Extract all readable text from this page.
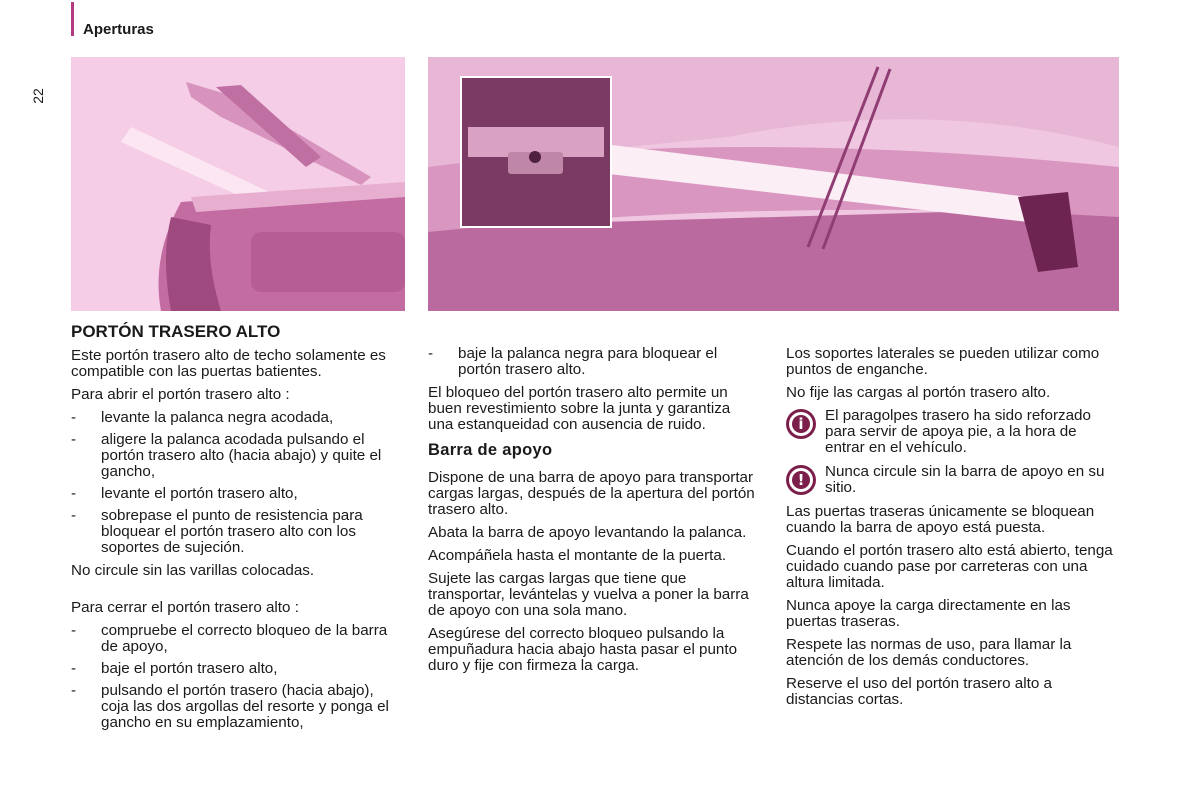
Aperturas
22
PORTÓN TRASERO ALTO

Este portón trasero alto de techo solamente es compatible con las puertas batientes.

Para abrir el portón trasero alto :

- levante la palanca negra acodada,
- aligere la palanca acodada pulsando el portón trasero alto (hacia abajo) y quite el gancho,
- levante el portón trasero alto,
- sobrepase el punto de resistencia para bloquear el portón trasero alto con los soportes de sujeción.

No circule sin las varillas colocadas.

Para cerrar el portón trasero alto :

- compruebe el correcto bloqueo de la barra de apoyo,
- baje el portón trasero alto,
- pulsando el portón trasero (hacia abajo), coja las dos argollas del resorte y ponga el gancho en su emplazamiento,
- baje la palanca negra para bloquear el portón trasero alto.

El bloqueo del portón trasero alto permite un buen revestimiento sobre la junta y garantiza una estanqueidad con ausencia de ruido.

Barra de apoyo

Dispone de una barra de apoyo para transportar cargas largas, después de la apertura del portón trasero alto.

Abata la barra de apoyo levantando la palanca.

Acompáñela hasta el montante de la puerta.

Sujete las cargas largas que tiene que transportar, levántelas y vuelva a poner la barra de apoyo con una sola mano.

Asegúrese del correcto bloqueo pulsando la empuñadura hacia abajo hasta pasar el punto duro y fije con firmeza la carga.

Los soportes laterales se pueden utilizar como puntos de enganche.

No fije las cargas al portón trasero alto.

i	El paragolpes trasero ha sido reforzado para servir de apoya pie, a la hora de entrar en el vehículo.
!	Nunca circule sin la barra de apoyo en su sitio.

Las puertas traseras únicamente se bloquean cuando la barra de apoyo está puesta.

Cuando el portón trasero alto está abierto, tenga cuidado cuando pase por carreteras con una altura limitada.

Nunca apoye la carga directamente en las puertas traseras.

Respete las normas de uso, para llamar la atención de los demás conductores.

Reserve el uso del portón trasero alto a distancias cortas.
